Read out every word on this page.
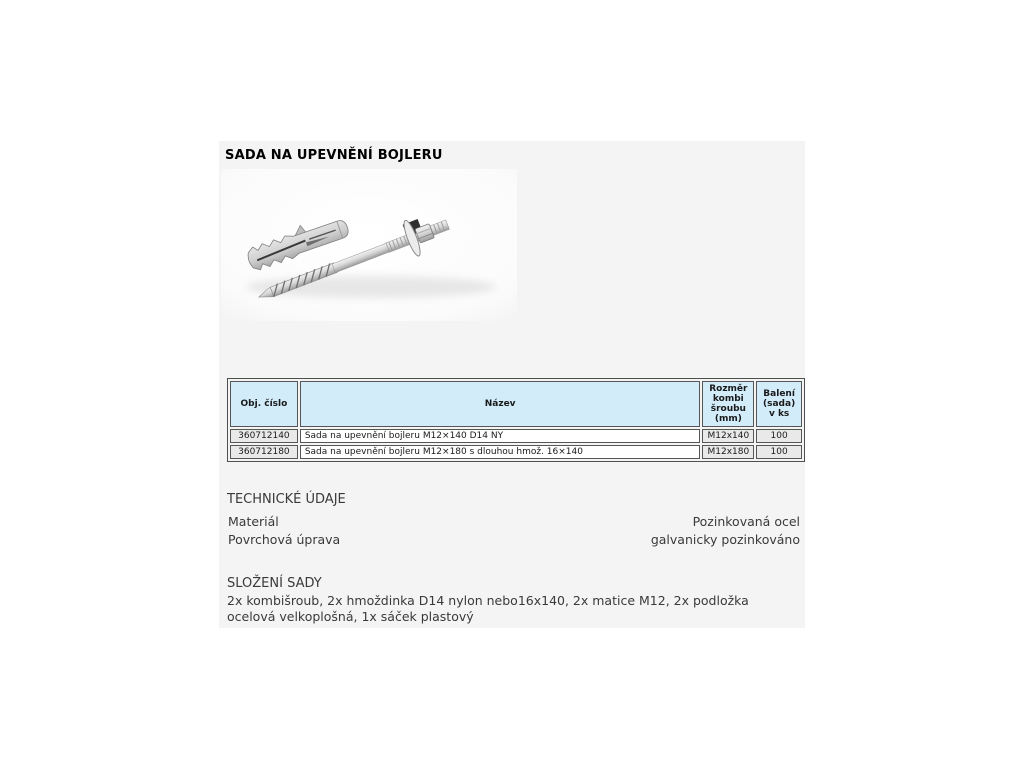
SADA NA UPEVNĚNÍ BOJLERU
Obj. číslo	Název	Rozměr kombi šroubu (mm)	Balení (sada) v ks
360712140	Sada na upevnění bojleru M12×140 D14 NY	M12x140	100
360712180	Sada na upevnění bojleru M12×180 s dlouhou hmož. 16×140	M12x180	100
TECHNICKÉ ÚDAJE
Materiál	Pozinkovaná ocel
Povrchová úprava	galvanicky pozinkováno
SLOŽENÍ SADY
2x kombišroub, 2x hmoždinka D14 nylon nebo16x140, 2x matice M12, 2x podložka ocelová velkoplošná, 1x sáček plastový
